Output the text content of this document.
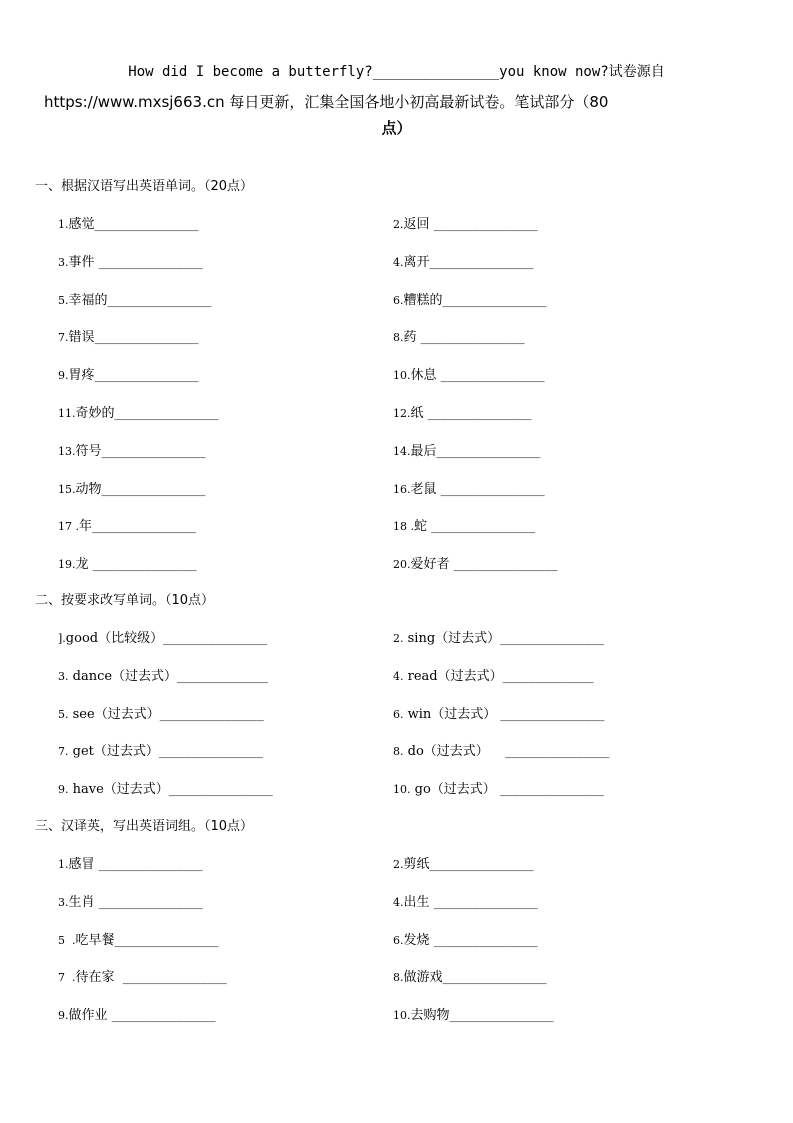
How did I become a butterfly?_______________you know now?试卷源自
https://www.mxsj663.cn 每日更新，汇集全国各地小初高最新试卷。笔试部分（80
点）
一、根据汉语写出英语单词。（20点）
1.感觉________________	2.返回 ________________
3.事件 ________________	4.离开________________
5.幸福的________________	6.糟糕的________________
7.错误________________	8.药 ________________
9.胃疼________________	10.休息 ________________
11.奇妙的________________	12.纸 ________________
13.符号________________	14.最后________________
15.动物________________	16.老鼠 ________________
17 .年________________	18 .蛇 ________________
19.龙 ________________	20.爱好者 ________________
二、按要求改写单词。（10点）
].good（比较级）________________	2. sing（过去式）________________
3. dance（过去式）______________	4. read（过去式）______________
5. see（过去式）________________	6. win（过去式） ________________
7. get（过去式）________________	8. do（过去式）    ________________
9. have（过去式）________________	10. go（过去式） ________________
三、汉译英，写出英语词组。（10点）
1.感冒 ________________	2.剪纸________________
3.生肖 ________________	4.出生 ________________
5  .吃早餐________________	6.发烧 ________________
7  .待在家  ________________	8.做游戏________________
9.做作业 ________________	10.去购物________________
